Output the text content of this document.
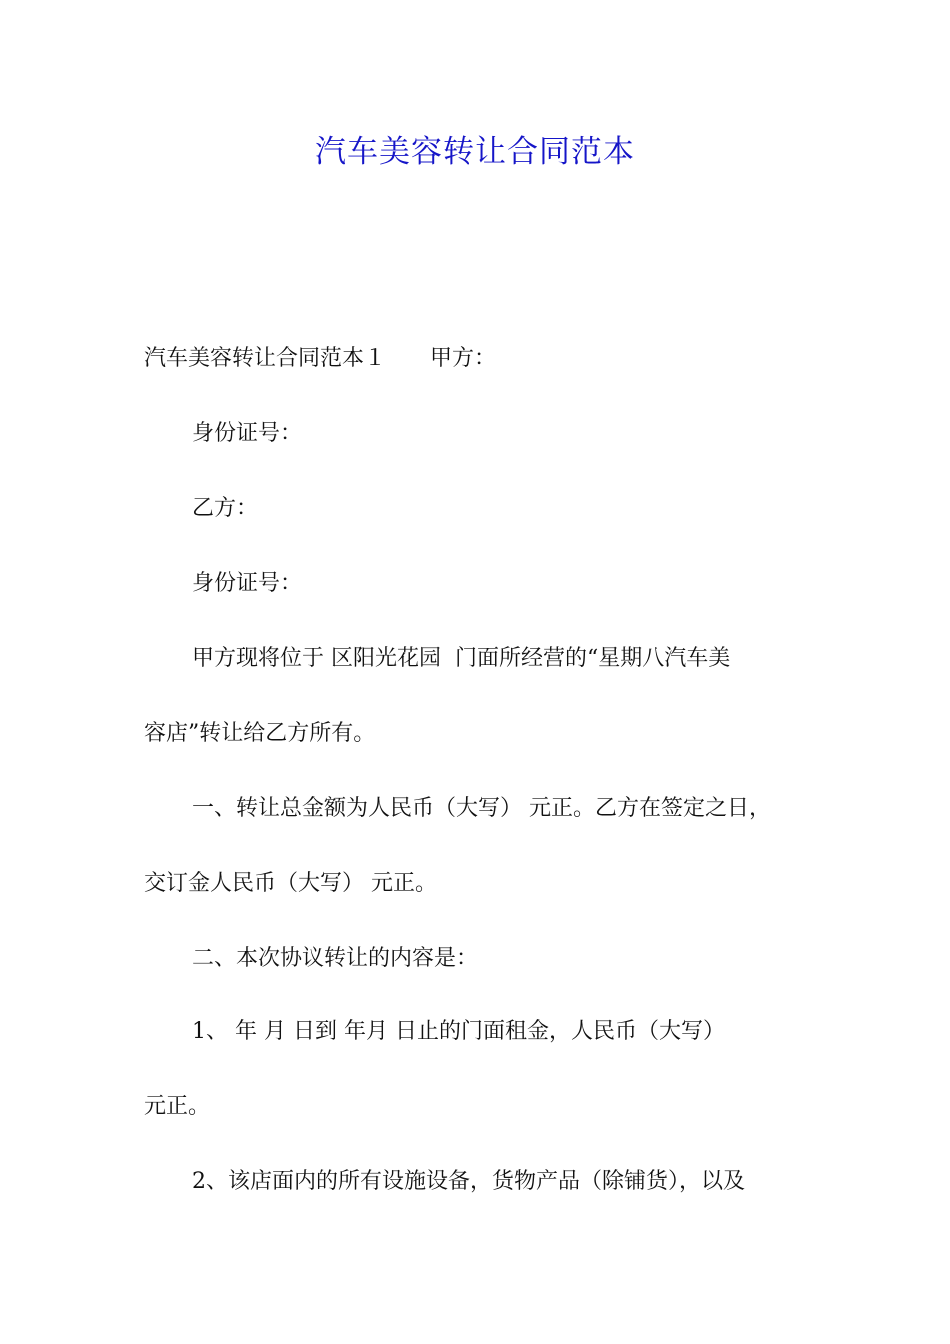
汽车美容转让合同范本
汽车美容转让合同范本１　　甲方：
身份证号：
乙方：
身份证号：
甲方现将位于 区阳光花园  门面所经营的“星期八汽车美
容店”转让给乙方所有。
一、转让总金额为人民币（大写） 元正。乙方在签定之日，
交订金人民币（大写） 元正。
二、本次协议转让的内容是：
1、 年 月 日到 年月 日止的门面租金，人民币（大写）
元正。
2、该店面内的所有设施设备，货物产品（除铺货），以及
